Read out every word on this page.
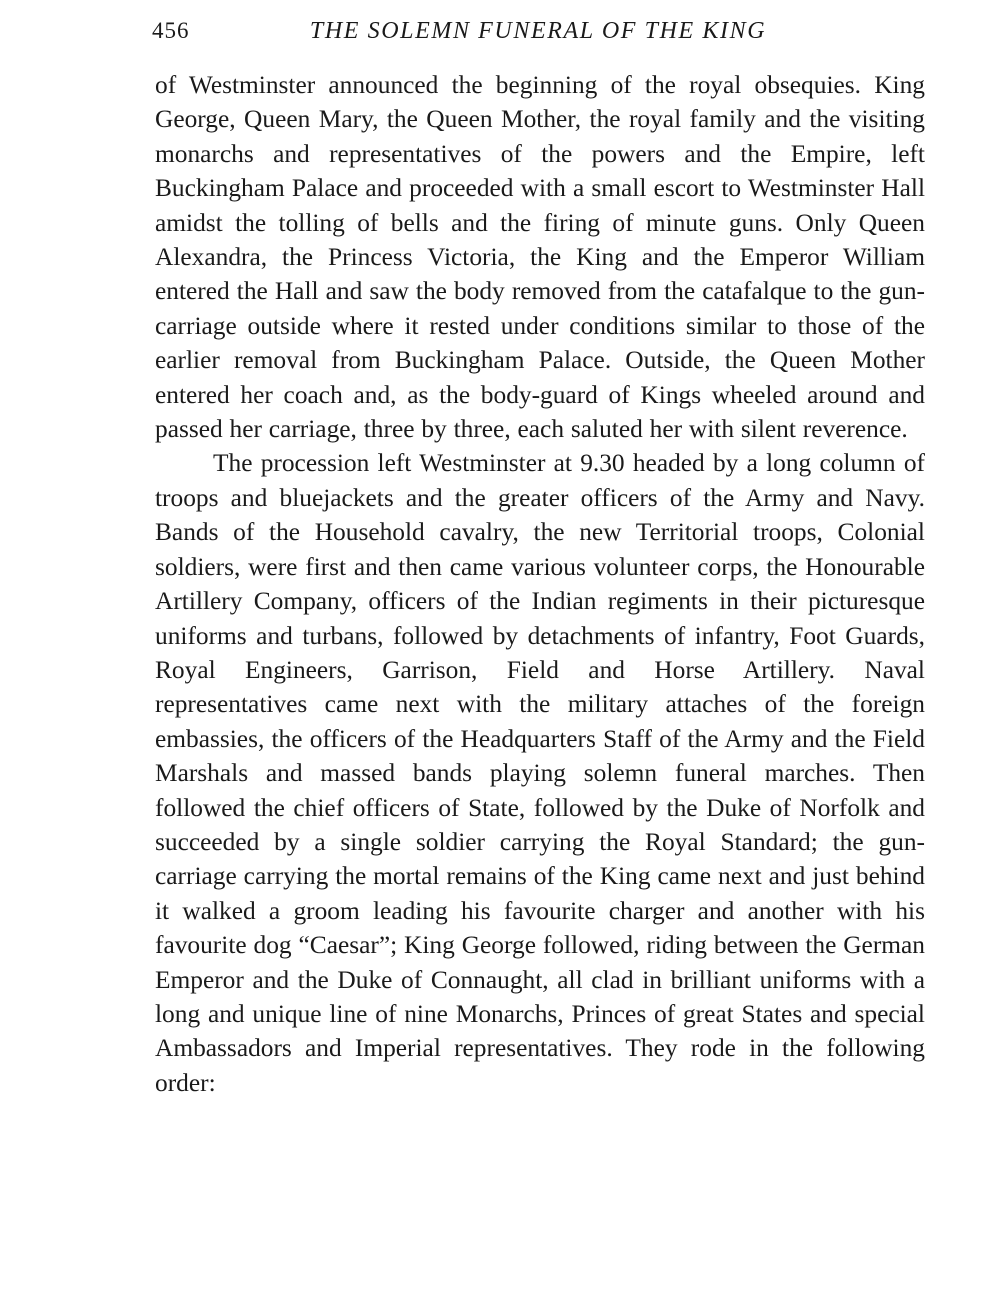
456	THE SOLEMN FUNERAL OF THE KING

of Westminster announced the beginning of the royal obsequies. King George, Queen Mary, the Queen Mother, the royal family and the visiting monarchs and representatives of the powers and the Empire, left Buckingham Palace and proceeded with a small escort to Westminster Hall amidst the tolling of bells and the firing of minute guns. Only Queen Alexandra, the Princess Victoria, the King and the Emperor William entered the Hall and saw the body removed from the catafalque to the gun-carriage outside where it rested under conditions similar to those of the earlier removal from Buckingham Palace. Outside, the Queen Mother entered her coach and, as the body-guard of Kings wheeled around and passed her carriage, three by three, each saluted her with silent reverence.

The procession left Westminster at 9.30 headed by a long column of troops and bluejackets and the greater officers of the Army and Navy. Bands of the Household cavalry, the new Territorial troops, Colonial soldiers, were first and then came various volunteer corps, the Honourable Artillery Company, officers of the Indian regiments in their picturesque uniforms and turbans, followed by detachments of infantry, Foot Guards, Royal Engineers, Garrison, Field and Horse Artillery. Naval representatives came next with the military attaches of the foreign embassies, the officers of the Headquarters Staff of the Army and the Field Marshals and massed bands playing solemn funeral marches. Then followed the chief officers of State, followed by the Duke of Norfolk and succeeded by a single soldier carrying the Royal Standard; the gun-carriage carrying the mortal remains of the King came next and just behind it walked a groom leading his favourite charger and another with his favourite dog “Caesar”; King George followed, riding between the German Emperor and the Duke of Connaught, all clad in brilliant uniforms with a long and unique line of nine Monarchs, Princes of great States and special Ambassadors and Imperial representatives. They rode in the following order:
